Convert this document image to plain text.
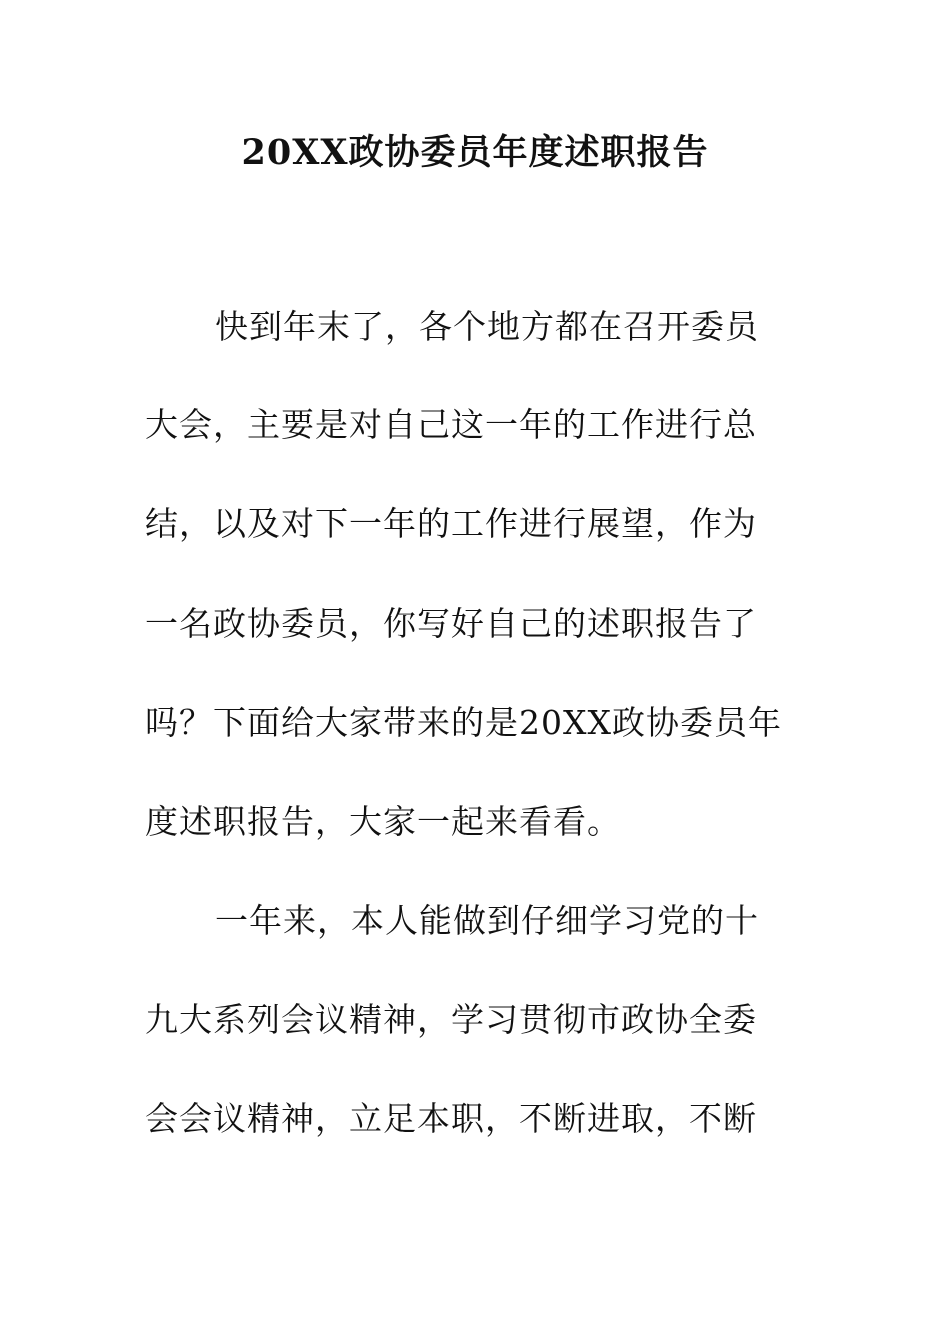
20XX政协委员年度述职报告

快到年末了，各个地方都在召开委员

大会，主要是对自己这一年的工作进行总

结，以及对下一年的工作进行展望，作为

一名政协委员，你写好自己的述职报告了

吗？下面给大家带来的是20XX政协委员年

度述职报告，大家一起来看看。

一年来，本人能做到仔细学习党的十

九大系列会议精神，学习贯彻市政协全委

会会议精神，立足本职，不断进取，不断
